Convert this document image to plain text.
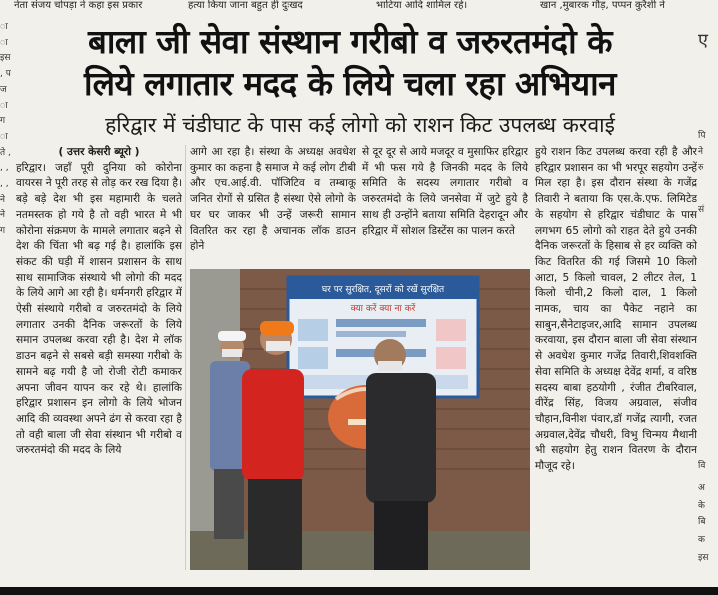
नेता संजय चोपड़ा ने कहा इस प्रकार	हत्या किया जाना बहुत ही दुःखद	भाटिया आदि शामिल रहे।	खान ,मुबारक गौड़, पप्पन कुरैशी ने
बाला जी सेवा संस्थान गरीबो व जरुरतमंदो के
लिये लगातार मदद के लिये चला रहा अभियान
हरिद्वार में चंडीघाट के पास कई लोगो को राशन किट उपलब्ध करवाई
ा ा इस , प ज ा ग ा ते , , , , , ने ने ग

( उत्तर केसरी ब्यूरो )

हरिद्वार। जहाँ पूरी दुनिया को कोरोना वायरस ने पूरी तरह से तोड़ कर रख दिया है। बड़े बड़े देश भी इस महामारी के चलते नतमस्तक हो गये है तो वही भारत मे भी कोरोना संक्रमण के मामले लगातार बढ़ने से देश की चिंता भी बढ़ गई है। हालांकि इस संकट की घड़ी में शासन प्रशासन के साथ साथ सामाजिक संस्थाये भी लोगो की मदद के लिये आगे आ रही है। धर्मनगरी हरिद्वार में ऐसी संस्थाये गरीबो व जरुरतमंदो के लिये लगातार उनकी दैनिक जरूरतों के लिये समान उपलब्ध करवा रही है। देश मे लॉक डाउन बढ़ने से सबसे बड़ी समस्या गरीबो के सामने बढ़ गयी है जो रोजी रोटी कमाकर अपना जीवन यापन कर रहे थे। हालांकि हरिद्वार प्रशासन इन लोगो के लिये भोजन आदि की व्यवस्था अपने ढंग से करवा रहा है तो वही बाला जी सेवा संस्थान भी गरीबो व जरुरतमंदो की मदद के लिये

आगे आ रहा है। संस्था के अध्यक्ष अवधेश कुमार का कहना है समाज मे कई लोग टीबी और एच.आई.वी. पॉजिटिव व तम्बाकू जनित रोगों से ग्रसित है संस्था ऐसे लोगो के घर घर जाकर भी उन्हें जरूरी सामान वितरित कर रहा है अचानक लॉक डाउन होने

से दूर दूर से आये मजदूर व मुसाफिर हरिद्वार में भी फस गये है जिनकी मदद के लिये समिति के सदस्य लगातार गरीबो व जरुरतमंदो के लिये जनसेवा में जुटे हुये है साथ ही उन्होंने बताया समिति देहरादून और हरिद्वार में सोशल डिस्टेंस का पालन करते

हुये राशन किट उपलब्ध करवा रही है और हरिद्वार प्रशासन का भी भरपूर सहयोग उन्हें मिल रहा है। इस दौरान संस्था के गजेंद्र तिवारी ने बताया कि एस.के.एफ. लिमिटेड के सहयोग से हरिद्वार चंडीघाट के पास लगभग 65 लोगो को राहत देते हुये उनकी दैनिक जरूरतों के हिसाब से हर व्यक्ति को किट वितरित की गई जिसमे 10 किलो आटा, 5 किलो चावल, 2 लीटर तेल, 1 किलो चीनी,2 किलो दाल, 1 किलो नामक, चाय का पैकेट नहाने का साबुन,सैनेटाइजर,आदि सामान उपलब्ध करवाया, इस दौरान बाला जी सेवा संस्थान से अवधेश कुमार गजेंद्र तिवारी,शिवशक्ति सेवा समिति के अध्यक्ष देवेंद्र शर्मा, व वरिष्ठ सदस्य बाबा हठयोगी , रंजीत टीबरिवाल, वीरेंद्र सिंह, विजय अग्रवाल, संजीव चौहान,विनीश पंवार,डॉ गजेंद्र त्यागी, रजत अग्रवाल,देवेंद्र चौधरी, विभु चिन्मय मैथानी भी सहयोग हेतु राशन वितरण के दौरान मौजूद रहे।

घर पर सुरक्षित, दूसरों को रखें सुरक्षित
क्या करें क्या ना करें
ए
पि
ने
रु
सं
वि
अ
के
बि
क
इस
